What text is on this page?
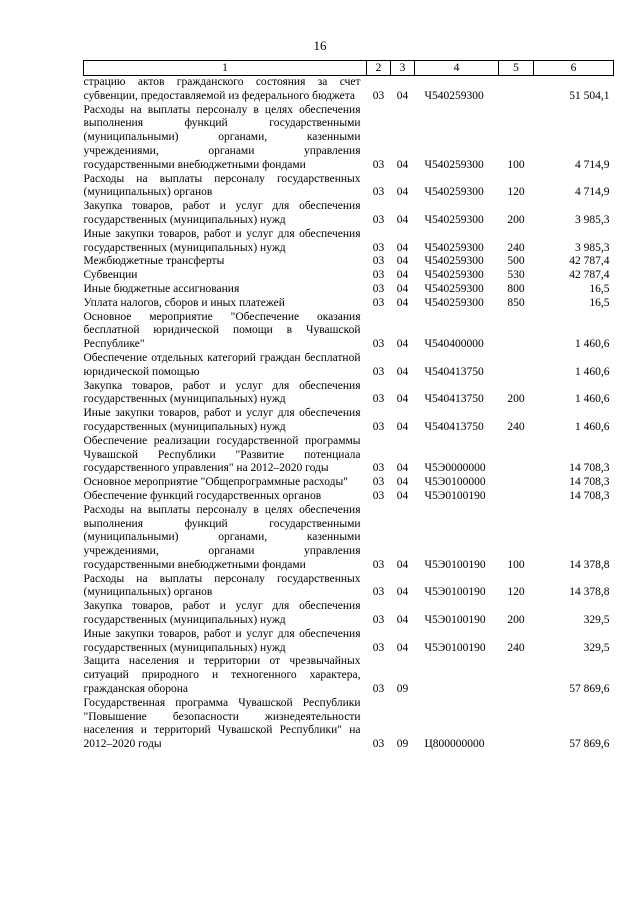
16
1	2	3	4	5	6
страцию актов гражданского состояния за счет субвенции, предоставляемой из федерального бюджета	03	04	Ч540259300		51 504,1
Расходы на выплаты персоналу в целях обеспечения выполнения функций государственными (муниципальными) органами, казенными учреждениями, органами управления государственными внебюджетными фондами	03	04	Ч540259300	100	4 714,9
Расходы на выплаты персоналу государственных (муниципальных) органов	03	04	Ч540259300	120	4 714,9
Закупка товаров, работ и услуг для обеспечения государственных (муниципальных) нужд	03	04	Ч540259300	200	3 985,3
Иные закупки товаров, работ и услуг для обеспечения государственных (муниципальных) нужд	03	04	Ч540259300	240	3 985,3
Межбюджетные трансферты	03	04	Ч540259300	500	42 787,4
Субвенции	03	04	Ч540259300	530	42 787,4
Иные бюджетные ассигнования	03	04	Ч540259300	800	16,5
Уплата налогов, сборов и иных платежей	03	04	Ч540259300	850	16,5
Основное мероприятие "Обеспечение оказания бесплатной юридической помощи в Чувашской Республике"	03	04	Ч540400000		1 460,6
Обеспечение отдельных категорий граждан бесплатной юридической помощью	03	04	Ч540413750		1 460,6
Закупка товаров, работ и услуг для обеспечения государственных (муниципальных) нужд	03	04	Ч540413750	200	1 460,6
Иные закупки товаров, работ и услуг для обеспечения государственных (муниципальных) нужд	03	04	Ч540413750	240	1 460,6
Обеспечение реализации государственной программы Чувашской Республики "Развитие потенциала государственного управления" на 2012–2020 годы	03	04	Ч5Э0000000		14 708,3
Основное мероприятие "Общепрограммные расходы"	03	04	Ч5Э0100000		14 708,3
Обеспечение функций государственных органов	03	04	Ч5Э0100190		14 708,3
Расходы на выплаты персоналу в целях обеспечения выполнения функций государственными (муниципальными) органами, казенными учреждениями, органами управления государственными внебюджетными фондами	03	04	Ч5Э0100190	100	14 378,8
Расходы на выплаты персоналу государственных (муниципальных) органов	03	04	Ч5Э0100190	120	14 378,8
Закупка товаров, работ и услуг для обеспечения государственных (муниципальных) нужд	03	04	Ч5Э0100190	200	329,5
Иные закупки товаров, работ и услуг для обеспечения государственных (муниципальных) нужд	03	04	Ч5Э0100190	240	329,5
Защита населения и территории от чрезвычайных ситуаций природного и техногенного характера, гражданская оборона	03	09			57 869,6
Государственная программа Чувашской Республики "Повышение безопасности жизнедеятельности населения и территорий Чувашской Республики" на 2012–2020 годы	03	09	Ц800000000		57 869,6
